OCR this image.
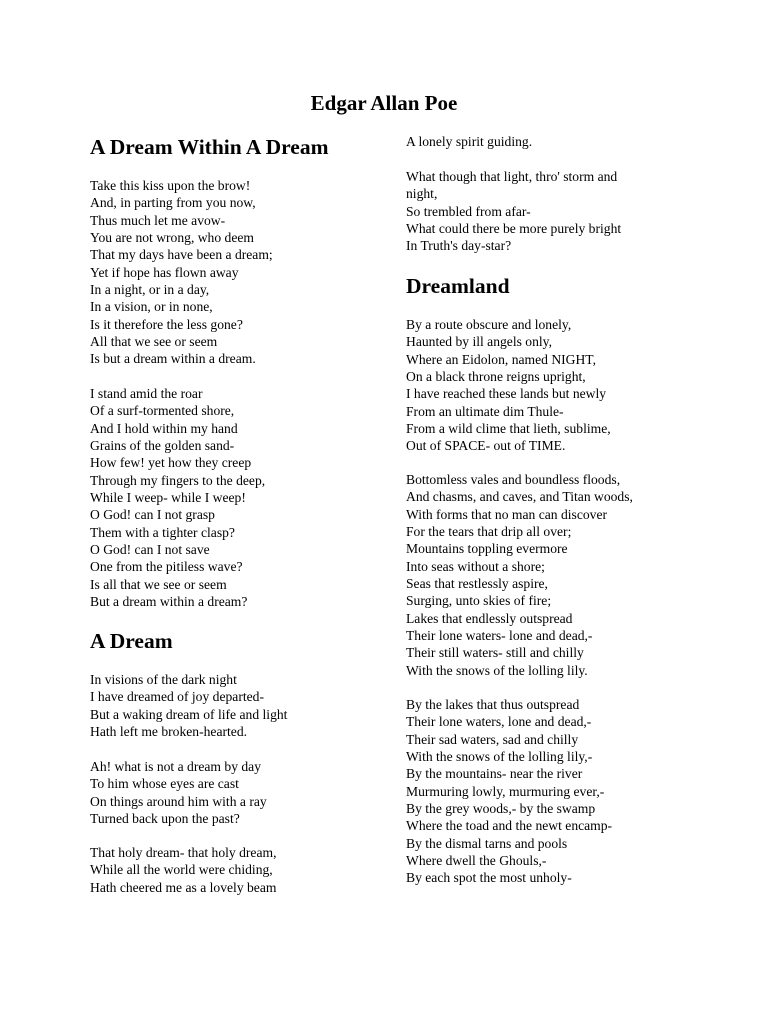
Edgar Allan Poe
A Dream Within A Dream
Take this kiss upon the brow!
And, in parting from you now,
Thus much let me avow-
You are not wrong, who deem
That my days have been a dream;
Yet if hope has flown away
In a night, or in a day,
In a vision, or in none,
Is it therefore the less gone?
All that we see or seem
Is but a dream within a dream.
I stand amid the roar
Of a surf-tormented shore,
And I hold within my hand
Grains of the golden sand-
How few! yet how they creep
Through my fingers to the deep,
While I weep- while I weep!
O God! can I not grasp
Them with a tighter clasp?
O God! can I not save
One from the pitiless wave?
Is all that we see or seem
But a dream within a dream?
A Dream
In visions of the dark night
I have dreamed of joy departed-
But a waking dream of life and light
Hath left me broken-hearted.
Ah! what is not a dream by day
To him whose eyes are cast
On things around him with a ray
Turned back upon the past?
That holy dream- that holy dream,
While all the world were chiding,
Hath cheered me as a lovely beam
A lonely spirit guiding.
What though that light, thro' storm and
night,
So trembled from afar-
What could there be more purely bright
In Truth's day-star?
Dreamland
By a route obscure and lonely,
Haunted by ill angels only,
Where an Eidolon, named NIGHT,
On a black throne reigns upright,
I have reached these lands but newly
From an ultimate dim Thule-
From a wild clime that lieth, sublime,
Out of SPACE- out of TIME.
Bottomless vales and boundless floods,
And chasms, and caves, and Titan woods,
With forms that no man can discover
For the tears that drip all over;
Mountains toppling evermore
Into seas without a shore;
Seas that restlessly aspire,
Surging, unto skies of fire;
Lakes that endlessly outspread
Their lone waters- lone and dead,-
Their still waters- still and chilly
With the snows of the lolling lily.
By the lakes that thus outspread
Their lone waters, lone and dead,-
Their sad waters, sad and chilly
With the snows of the lolling lily,-
By the mountains- near the river
Murmuring lowly, murmuring ever,-
By the grey woods,- by the swamp
Where the toad and the newt encamp-
By the dismal tarns and pools
Where dwell the Ghouls,-
By each spot the most unholy-
